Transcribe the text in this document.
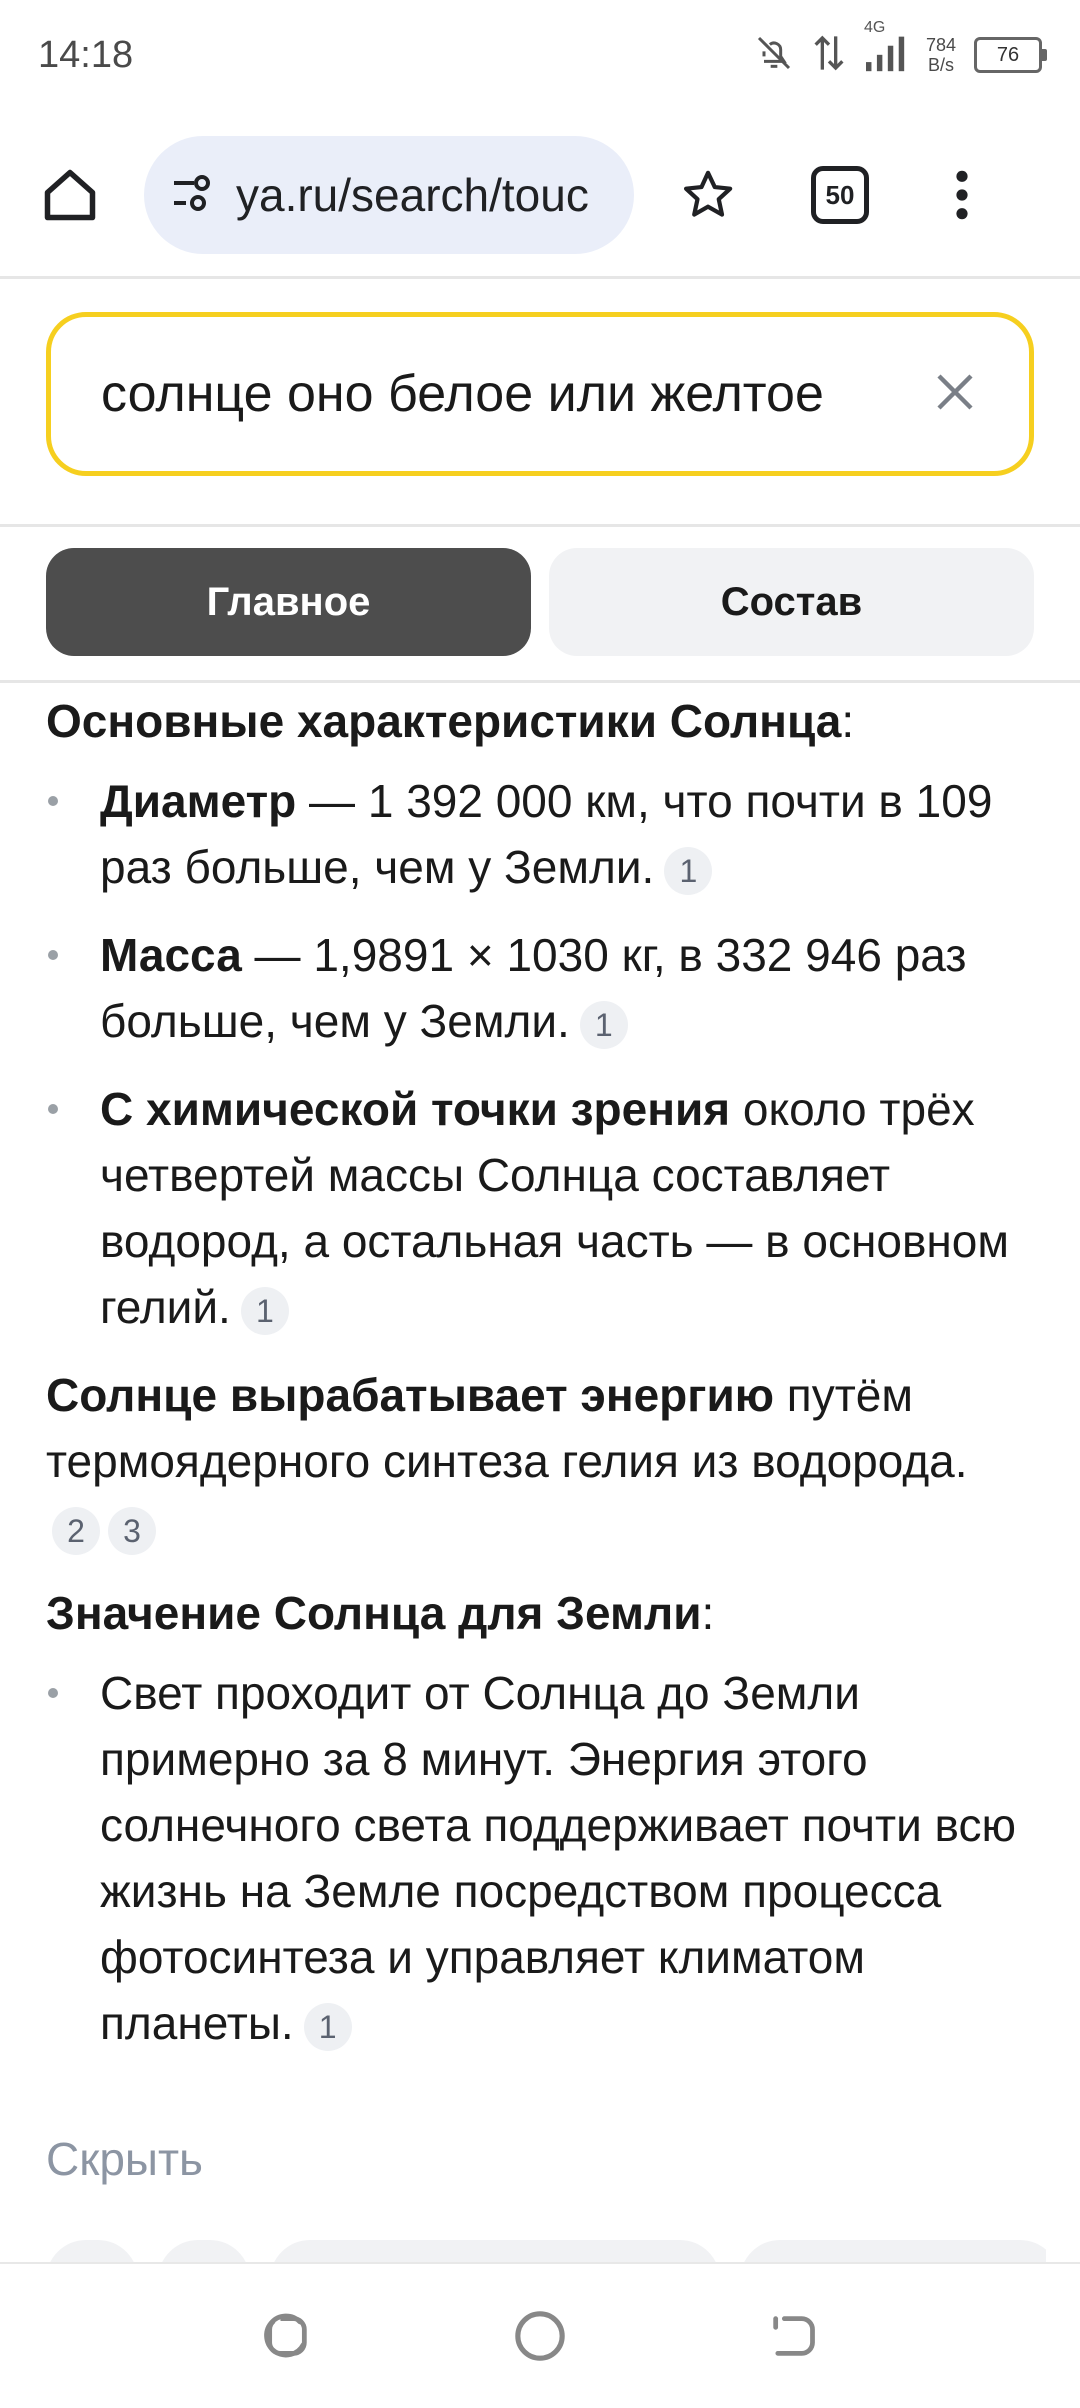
14:18
4G
784
B/s	76
ya.ru/search/touc	50
солнце оно белое или желтое
Главное	Состав

Основные характеристики Солнца:

Диаметр — 1 392 000 км, что почти в 109 раз больше, чем у Земли. 1
Масса — 1,9891 × 1030 кг, в 332 946 раз больше, чем у Земли. 1
С химической точки зрения около трёх четвертей массы Солнца составляет водород, а остальная часть — в основном гелий. 1

Солнце вырабатывает энергию путём термоядерного синтеза гелия из водорода.
2 3

Значение Солнца для Земли:

Свет проходит от Солнца до Земли примерно за 8 минут. Энергия этого солнечного света поддерживает почти всю жизнь на Земле посредством процесса фотосинтеза и управляет климатом планеты. 1
Скрыть
